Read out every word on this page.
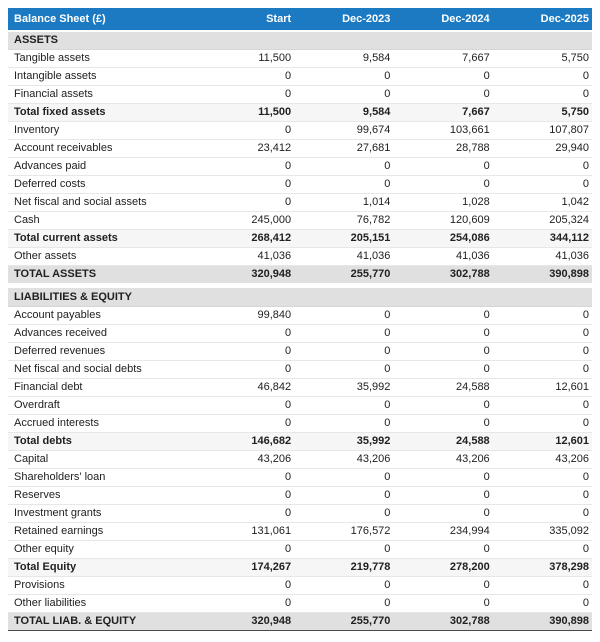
Balance Sheet (£)	Start	Dec-2023	Dec-2024	Dec-2025
ASSETS				
Tangible assets	11,500	9,584	7,667	5,750
Intangible assets	0	0	0	0
Financial assets	0	0	0	0
Total fixed assets	11,500	9,584	7,667	5,750
Inventory	0	99,674	103,661	107,807
Account receivables	23,412	27,681	28,788	29,940
Advances paid	0	0	0	0
Deferred costs	0	0	0	0
Net fiscal and social assets	0	1,014	1,028	1,042
Cash	245,000	76,782	120,609	205,324
Total current assets	268,412	205,151	254,086	344,112
Other assets	41,036	41,036	41,036	41,036
TOTAL ASSETS	320,948	255,770	302,788	390,898

LIABILITIES & EQUITY				
Account payables	99,840	0	0	0
Advances received	0	0	0	0
Deferred revenues	0	0	0	0
Net fiscal and social debts	0	0	0	0
Financial debt	46,842	35,992	24,588	12,601
Overdraft	0	0	0	0
Accrued interests	0	0	0	0
Total debts	146,682	35,992	24,588	12,601
Capital	43,206	43,206	43,206	43,206
Shareholders' loan	0	0	0	0
Reserves	0	0	0	0
Investment grants	0	0	0	0
Retained earnings	131,061	176,572	234,994	335,092
Other equity	0	0	0	0
Total Equity	174,267	219,778	278,200	378,298
Provisions	0	0	0	0
Other liabilities	0	0	0	0
TOTAL LIAB. & EQUITY	320,948	255,770	302,788	390,898
